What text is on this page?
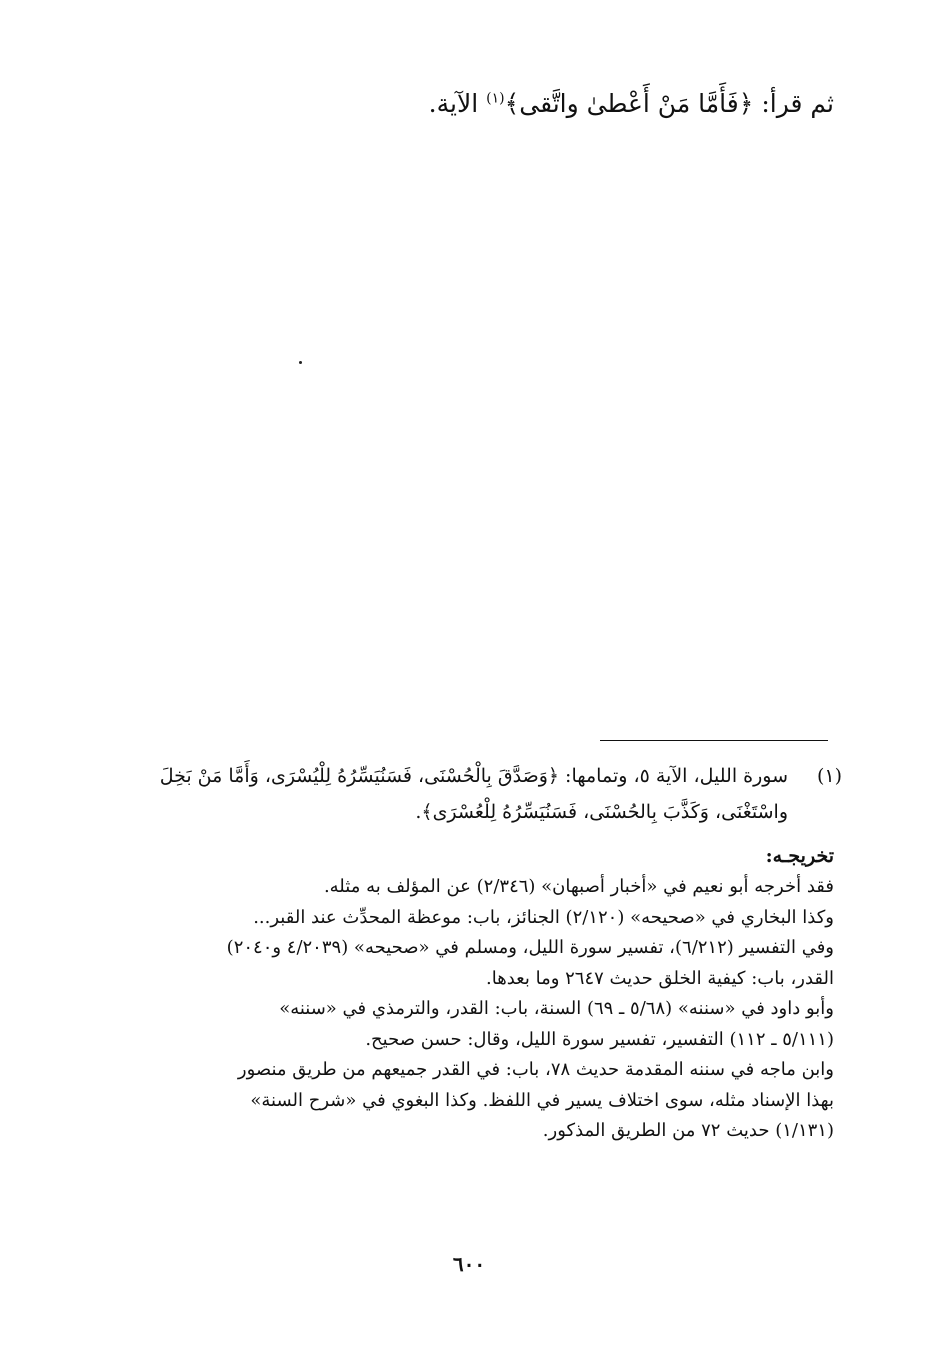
ثم قرأ: ﴿فَأَمَّا مَنْ أَعْطىٰ واتَّقى﴾$^{(١)}$ الآية.
(١)
سورة الليل، الآية ٥، وتمامها: ﴿وَصَدَّقَ بِالْحُسْنَى، فَسَنُيَسِّرُهُ لِلْيُسْرَى، وَأَمَّا مَنْ بَخِلَ
واسْتَغْنَى، وَكَذَّبَ بِالحُسْنَى، فَسَنُيَسِّرُهُ لِلْعُسْرَى﴾.
تخريجـه:
فقد أخرجه أبو نعيم في «أخبار أصبهان» (٢/٣٤٦) عن المؤلف به مثله.
وكذا البخاري في «صحيحه» (٢/١٢٠) الجنائز، باب: موعظة المحدِّث عند القبر...
وفي التفسير (٦/٢١٢)، تفسير سورة الليل، ومسلم في «صحيحه» (٤/٢٠٣٩ و٢٠٤٠)
القدر، باب: كيفية الخلق حديث ٢٦٤٧ وما بعدها.
وأبو داود في «سننه» (٥/٦٨ ـ ٦٩) السنة، باب: القدر، والترمذي في «سننه»
(٥/١١١ ـ ١١٢) التفسير، تفسير سورة الليل، وقال: حسن صحيح.
وابن ماجه في سننه المقدمة حديث ٧٨، باب: في القدر جميعهم من طريق منصور
بهذا الإسناد مثله، سوى اختلاف يسير في اللفظ. وكذا البغوي في «شرح السنة»
(١/١٣١) حديث ٧٢ من الطريق المذكور.
٦٠٠
